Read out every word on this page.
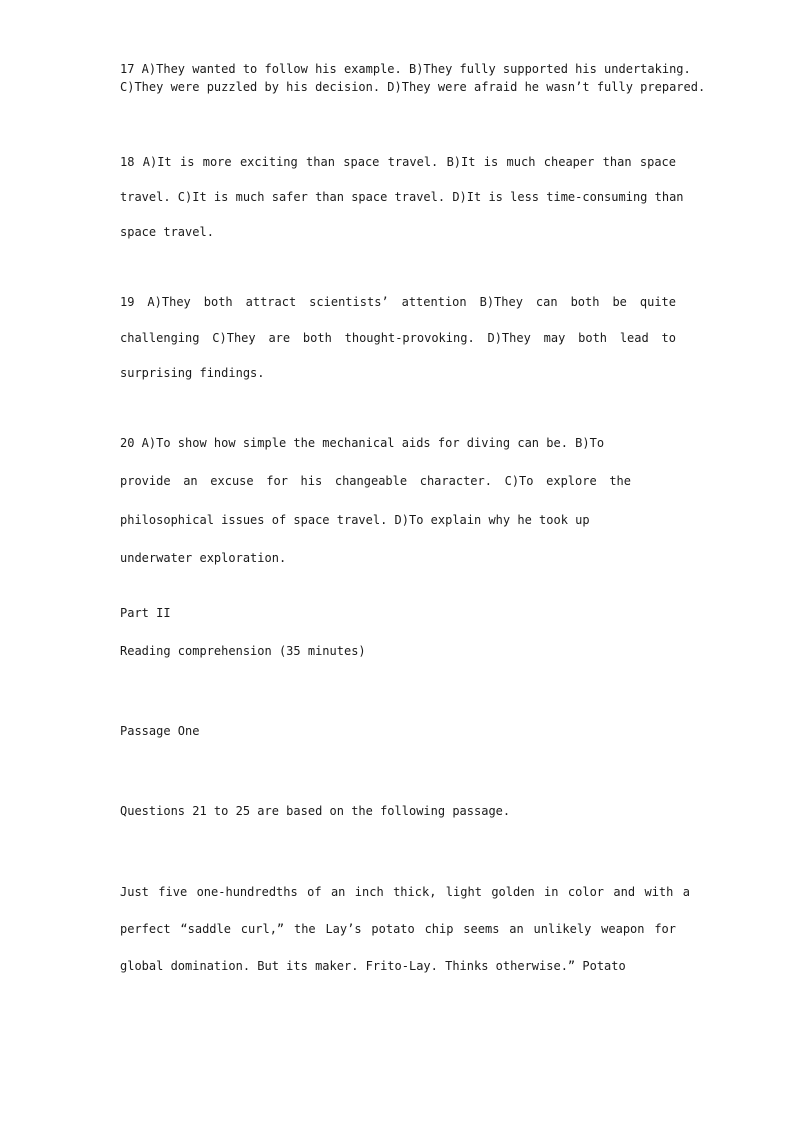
17 A)They wanted to follow his example. B)They fully supported his undertaking.
C)They were puzzled by his decision. D)They were afraid he wasn’t fully prepared.
18 A)It is more exciting than space travel. B)It is much cheaper than space
travel. C)It is much safer than space travel. D)It is less time-consuming than
space travel.
19 A)They both attract scientists’ attention B)They can both be quite
challenging C)They are both thought-provoking. D)They may both lead to
surprising findings.
20 A)To show how simple the mechanical aids for diving can be. B)To
provide an excuse for his changeable character. C)To explore the
philosophical issues of space travel. D)To explain why he took up
underwater exploration.
Part II
Reading comprehension (35 minutes)
Passage One
Questions 21 to 25 are based on the following passage.
Just five one-hundredths of an inch thick, light golden in color and with a
perfect “saddle curl,” the Lay’s potato chip seems an unlikely weapon for
global domination. But its maker. Frito-Lay. Thinks otherwise.” Potato
